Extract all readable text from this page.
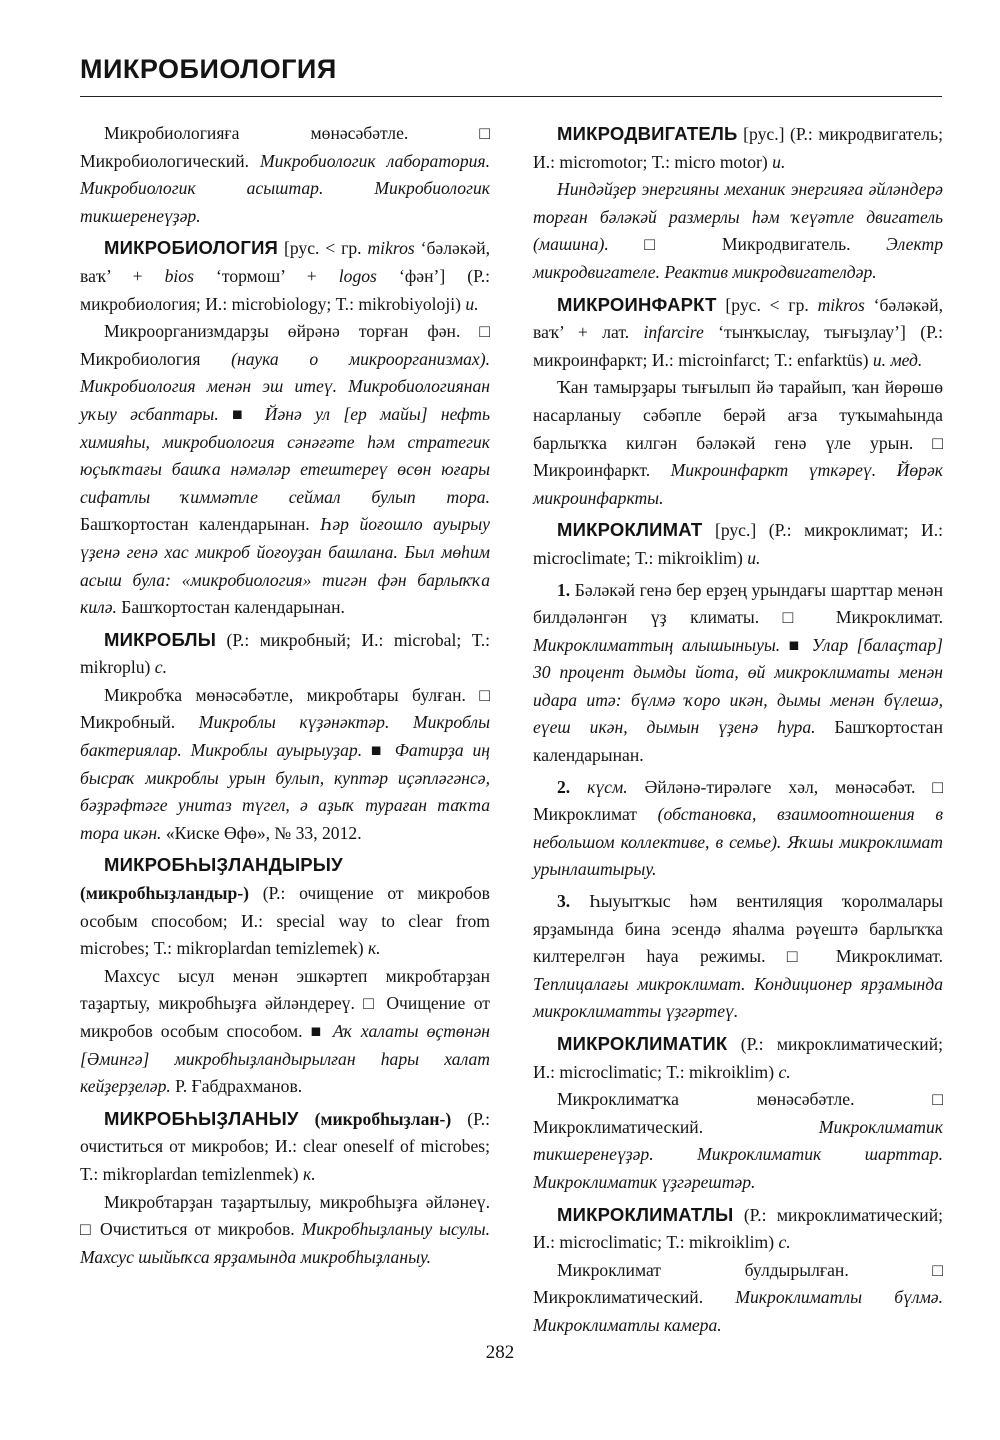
МИКРОБИОЛОГИЯ

Микробиологияға мөнәсәбәтле. □ Микробиологический. Микробиологик лаборатория. Микробиологик асыштар. Микробиологик тикшеренеүҙәр.

МИКРОБИОЛОГИЯ [рус. < гр. mikros ‘бәләкәй, ваҡ’ + bios ‘тормош’ + logos ‘фән’] (Р.: микробиология; И.: microbiology; Т.: mikrobiyoloji) и.

Микроорганизмдарҙы өйрәнә торған фән. □ Микробиология (наука о микроорганизмах). Микробиология менән эш итеү. Микробиологиянан уҡыу әсбаптары. ■ Йәнә ул [ер майы] нефть химияһы, микробиология сәнәғәте һәм стратегик юҫыҡтағы башҡа нәмәләр етештереү өсөн юғары сифатлы ҡиммәтле сеймал булып тора. Башҡортостан календарынан. Һәр йоғошло ауырыу үҙенә генә хас микроб йоғоуҙан башлана. Был мөһим асыш була: «микробиология» тигән фән барлыҡҡа килә. Башҡортостан календарынан.

МИКРОБЛЫ (Р.: микробный; И.: microbal; Т.: mikroplu) с.

Микробҡа мөнәсәбәтле, микробтары булған. □ Микробный. Микроблы күҙәнәктәр. Микроблы бактериялар. Микроблы ауырыуҙар. ■ Фатирҙа иң бысраҡ микроблы урын булып, куптәр иҫәпләгәнсә, бәҙрәфтәге унитаз түгел, ә аҙыҡ тураған таҡта тора икән. «Киске Өфө», № 33, 2012.

МИКРОБҺЫҘЛАНДЫРЫУ (микробһыҙландыр-) (Р.: очищение от микробов особым способом; И.: special way to clear from microbes; Т.: mikroplardan temizlemek) к.

Махсус ысул менән эшкәртеп микробтарҙан таҙартыу, микробһыҙға әйләндереү. □ Очищение от микробов особым способом. ■ Аҡ халаты өҫтөнән [Әмингә] микробһыҙландырылған һары халат кейҙерҙеләр. Р. Ғабдрахманов.

МИКРОБҺЫҘЛАНЫУ (микробһыҙлан-) (Р.: очиститься от микробов; И.: clear oneself of microbes; Т.: mikroplardan temizlenmek) к.

Микробтарҙан таҙартылыу, микробһыҙға әйләнеү. □ Очиститься от микробов. Микробһыҙланыу ысулы. Махсус шыйыҡса ярҙамында микробһыҙланыу.

МИКРОДВИГАТЕЛЬ [рус.] (Р.: микродвигатель; И.: micromotor; Т.: micro motor) и.

Ниндәйҙер энергияны механик энергияға әйләндерә торған бәләкәй размерлы һәм ҡеүәтле двигатель (машина). □ Микродвигатель. Электр микродвигателе. Реактив микродвигателдәр.

МИКРОИНФАРКТ [рус. < гр. mikros ‘бәләкәй, ваҡ’ + лат. infarcire ‘тынҡыслау, тығыҙлау’] (Р.: микроинфаркт; И.: microinfarct; Т.: enfarktüs) и. мед.

Ҡан тамырҙары тығылып йә тарайып, ҡан йөрөшө насарланыу сәбәпле берәй ағза туҡымаһында барлыҡҡа килгән бәләкәй генә үле урын. □ Микроинфаркт. Микроинфаркт үткәреү. Йөрәк микроинфаркты.

МИКРОКЛИМАТ [рус.] (Р.: микроклимат; И.: microclimate; Т.: mikroiklim) и.

1. Бәләкәй генә бер ерҙең урындағы шарттар менән билдәләнгән үҙ климаты. □ Микроклимат. Микроклиматтың алышыныуы. ■ Улар [балаҫтар] 30 процент дымды йота, өй микроклиматы менән идара итә: бүлмә ҡоро икән, дымы менән бүлешә, еүеш икән, дымын үҙенә һура. Башҡортостан календарынан.

2. күсм. Әйләнә-тирәләге хәл, мөнәсәбәт. □ Микроклимат (обстановка, взаимоотношения в небольшом коллективе, в семье). Яҡшы микроклимат урынлаштырыу.

3. Һыуытҡыс һәм вентиляция ҡоролмалары ярҙамында бина эсендә яһалма рәүештә барлыҡҡа килтерелгән һауа режимы. □ Микроклимат. Теплицалағы микроклимат. Кондиционер ярҙамында микроклиматты үҙгәртеү.

МИКРОКЛИМАТИК (Р.: микроклиматический; И.: microclimatic; Т.: mikroiklim) с.

Микроклиматҡа мөнәсәбәтле. □ Микроклиматический. Микроклиматик тикшеренеүҙәр. Микроклиматик шарттар. Микроклиматик үҙгәрештәр.

МИКРОКЛИМАТЛЫ (Р.: микроклиматический; И.: microclimatic; Т.: mikroiklim) с.

Микроклимат булдырылған. □ Микроклиматический. Микроклиматлы бүлмә. Микроклиматлы камера.

282
